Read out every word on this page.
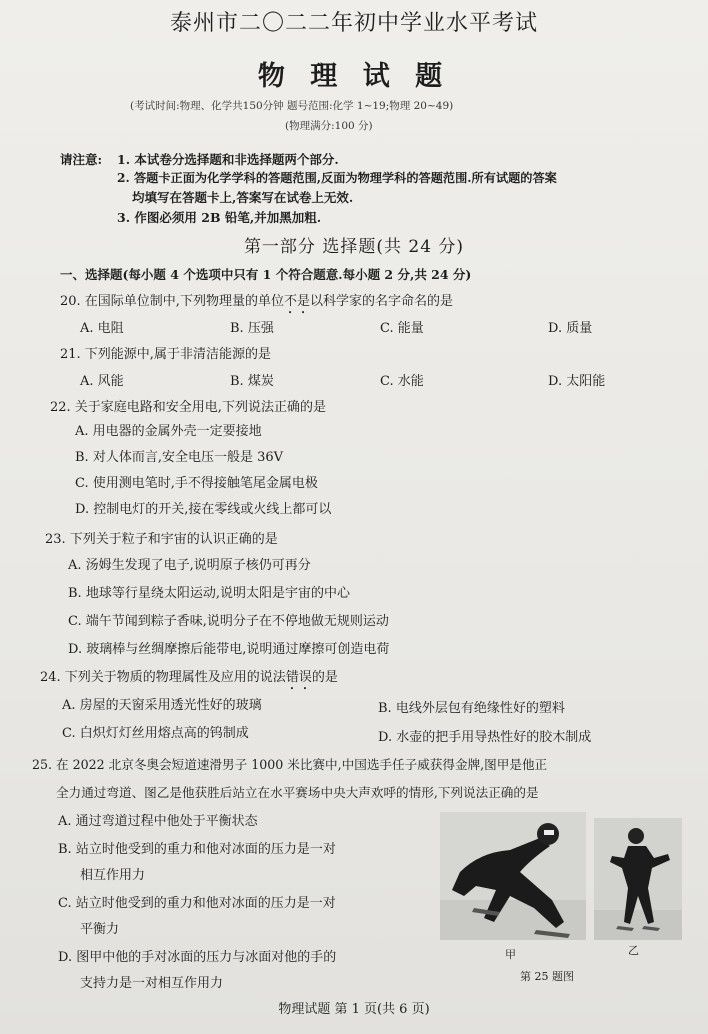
泰州市二〇二二年初中学业水平考试
物 理 试 题
(考试时间:物理、化学共150分钟 题号范围:化学 1~19;物理 20~49)
(物理满分:100 分)
请注意: 1. 本试卷分选择题和非选择题两个部分.
2. 答题卡正面为化学学科的答题范围,反面为物理学科的答题范围.所有试题的答案
均填写在答题卡上,答案写在试卷上无效.
3. 作图必须用 2B 铅笔,并加黑加粗.
第一部分 选择题(共 24 分)
一、选择题(每小题 4 个选项中只有 1 个符合题意.每小题 2 分,共 24 分)
20. 在国际单位制中,下列物理量的单位不是以科学家的名字命名的是
A. 电阻	B. 压强	C. 能量	D. 质量
21. 下列能源中,属于非清洁能源的是
A. 风能	B. 煤炭	C. 水能	D. 太阳能
22. 关于家庭电路和安全用电,下列说法正确的是
A. 用电器的金属外壳一定要接地
B. 对人体而言,安全电压一般是 36V
C. 使用测电笔时,手不得接触笔尾金属电极
D. 控制电灯的开关,接在零线或火线上都可以
23. 下列关于粒子和宇宙的认识正确的是
A. 汤姆生发现了电子,说明原子核仍可再分
B. 地球等行星绕太阳运动,说明太阳是宇宙的中心
C. 端午节闻到粽子香味,说明分子在不停地做无规则运动
D. 玻璃棒与丝绸摩擦后能带电,说明通过摩擦可创造电荷
24. 下列关于物质的物理属性及应用的说法错误的是
A. 房屋的天窗采用透光性好的玻璃	B. 电线外层包有绝缘性好的塑料
C. 白炽灯灯丝用熔点高的钨制成	D. 水壶的把手用导热性好的胶木制成
25. 在 2022 北京冬奥会短道速滑男子 1000 米比赛中,中国选手任子威获得金牌,图甲是他正
全力通过弯道、图乙是他获胜后站立在水平赛场中央大声欢呼的情形,下列说法正确的是
A. 通过弯道过程中他处于平衡状态
B. 站立时他受到的重力和他对冰面的压力是一对
相互作用力
C. 站立时他受到的重力和他对冰面的压力是一对
平衡力
D. 图甲中他的手对冰面的压力与冰面对他的手的
支持力是一对相互作用力
甲	乙
第 25 题图
物理试题 第 1 页(共 6 页)
